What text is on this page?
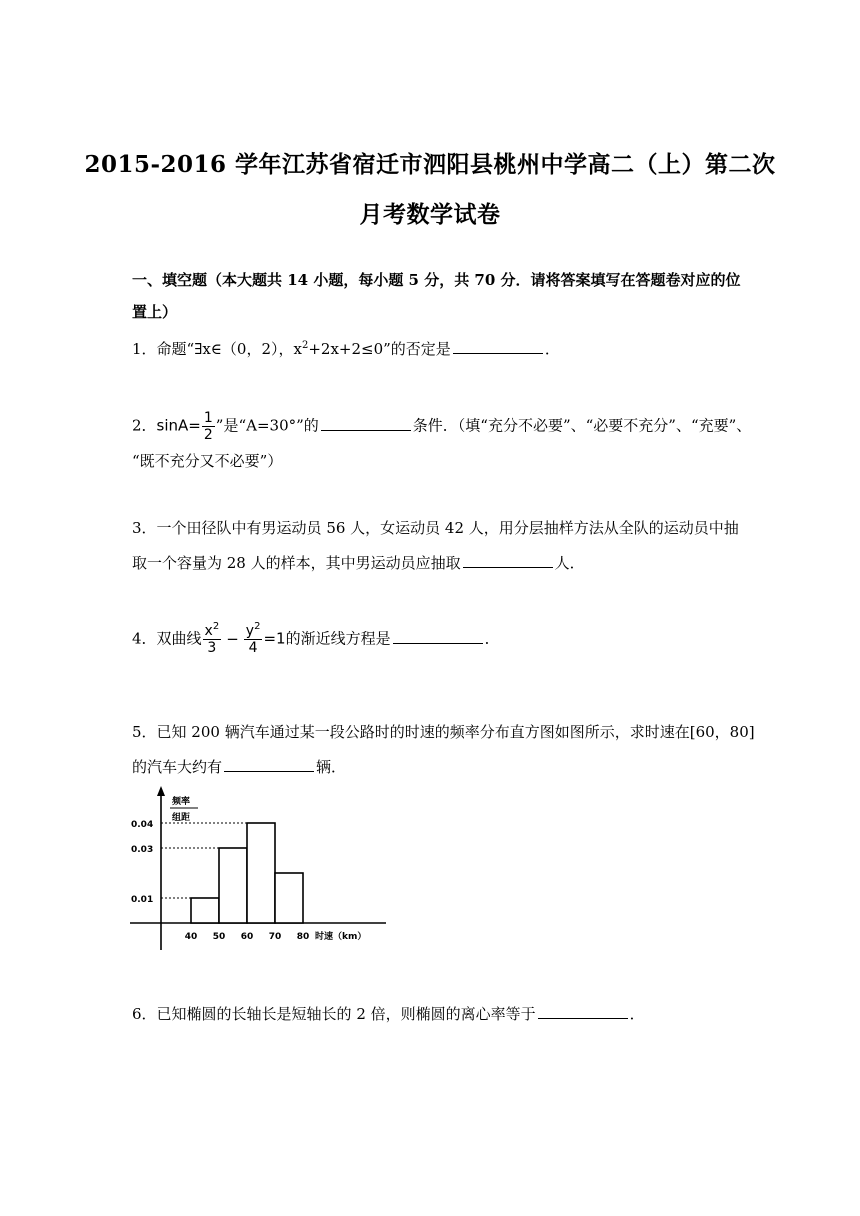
2015-2016 学年江苏省宿迁市泗阳县桃州中学高二（上）第二次
月考数学试卷
一、填空题（本大题共 14 小题，每小题 5 分，共 70 分．请将答案填写在答题卷对应的位
置上）
1．命题“∃x∈（0，2），$x^2+2x+2\le 0$”的否定是	．
2．$\sin A= \frac{1}{2}$ ”是“A=30°”的	条件．（填“充分不必要”、“必要不充分”、“充要”、
“既不充分又不必要”）
3．一个田径队中有男运动员 56 人，女运动员 42 人，用分层抽样方法从全队的运动员中抽
取一个容量为 28 人的样本，其中男运动员应抽取	人．
4．双曲线 $\frac{x^2}{3} - \frac{y^2}{4} =1$的渐近线方程是	．
5．已知 200 辆汽车通过某一段公路时的时速的频率分布直方图如图所示，求时速在[60，80]
的汽车大约有	辆．
0.01
0.03
0.04
40 50 60 70 80 时速（km）
频率
组距
6．已知椭圆的长轴长是短轴长的 2 倍，则椭圆的离心率等于	．
